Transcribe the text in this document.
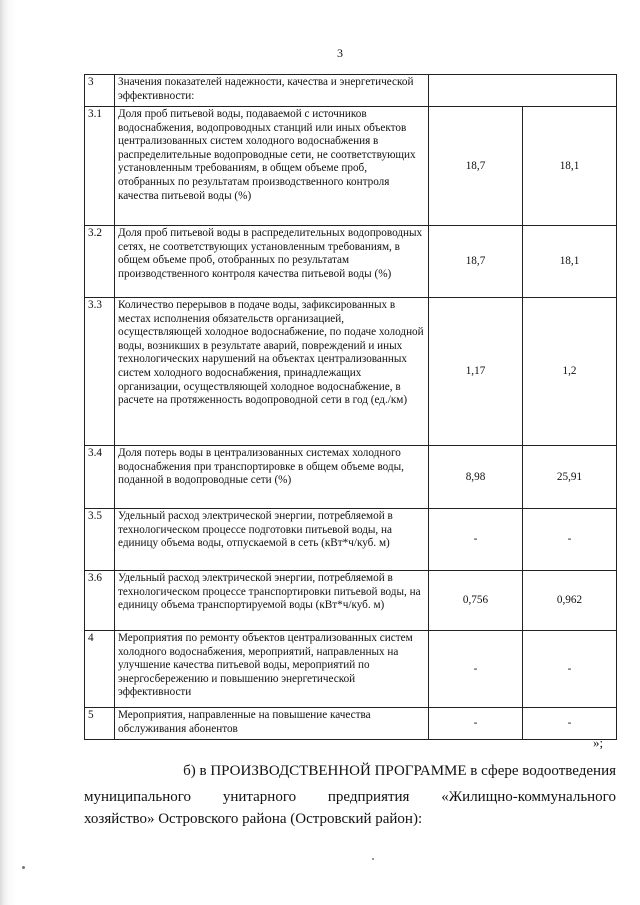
3
3	Значения показателей надежности, качества и энергетической эффективности:		
3.1	Доля проб питьевой воды, подаваемой с источников водоснабжения, водопроводных станций или иных объектов централизованных систем холодного водоснабжения в распределительные водопроводные сети, не соответствующих установленным требованиям, в общем объеме проб, отобранных по результатам производственного контроля качества питьевой воды (%)	18,7	18,1
3.2	Доля проб питьевой воды в распределительных водопроводных сетях, не соответствующих установленным требованиям, в общем объеме проб, отобранных по результатам производственного контроля качества питьевой воды (%)	18,7	18,1
3.3	Количество перерывов в подаче воды, зафиксированных в местах исполнения обязательств организацией, осуществляющей холодное водоснабжение, по подаче холодной воды, возникших в результате аварий, повреждений и иных технологических нарушений на объектах централизованных систем холодного водоснабжения, принадлежащих организации, осуществляющей холодное водоснабжение, в расчете на протяженность водопроводной сети в год (ед./км)	1,17	1,2
3.4	Доля потерь воды в централизованных системах холодного водоснабжения при транспортировке в общем объеме воды, поданной в водопроводные сети (%)	8,98	25,91
3.5	Удельный расход электрической энергии, потребляемой в технологическом процессе подготовки питьевой воды, на единицу объема воды, отпускаемой в сеть (кВт*ч/куб. м)	-	-
3.6	Удельный расход электрической энергии, потребляемой в технологическом процессе транспортировки питьевой воды, на единицу объема транспортируемой воды (кВт*ч/куб. м)	0,756	0,962
4	Мероприятия по ремонту объектов централизованных систем холодного водоснабжения, мероприятий, направленных на улучшение качества питьевой воды, мероприятий по энергосбережению и повышению энергетической эффективности	-	-
5	Мероприятия, направленные на повышение качества обслуживания абонентов	-	-
»;
б) в ПРОИЗВОДСТВЕННОЙ ПРОГРАММЕ в сфере водоотведения
муниципального унитарного предприятия «Жилищно-коммунального
хозяйство» Островского района (Островский район):
